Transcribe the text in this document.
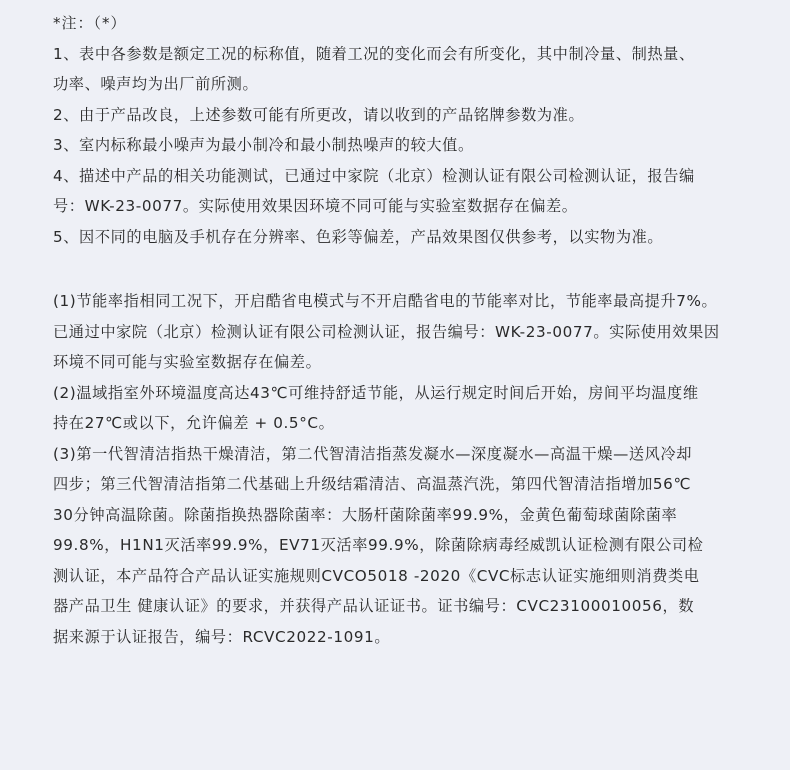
*注：（*）
1、表中各参数是额定工况的标称值，随着工况的变化而会有所变化，其中制冷量、制热量、
功率、噪声均为出厂前所测。
2、由于产品改良，上述参数可能有所更改，请以收到的产品铭牌参数为准。
3、室内标称最小噪声为最小制冷和最小制热噪声的较大值。
4、描述中产品的相关功能测试，已通过中家院（北京）检测认证有限公司检测认证，报告编
号：WK-23-0077。实际使用效果因环境不同可能与实验室数据存在偏差。
5、因不同的电脑及手机存在分辨率、色彩等偏差，产品效果图仅供参考，以实物为准。
(1)节能率指相同工况下，开启酷省电模式与不开启酷省电的节能率对比，节能率最高提升7%。
已通过中家院（北京）检测认证有限公司检测认证，报告编号：WK-23-0077。实际使用效果因
环境不同可能与实验室数据存在偏差。
(2)温域指室外环境温度高达43℃可维持舒适节能，从运行规定时间后开始，房间平均温度维
持在27℃或以下，允许偏差 + 0.5°C。
(3)第一代智清洁指热干燥清洁，第二代智清洁指蒸发凝水—深度凝水—高温干燥—送风冷却
四步；第三代智清洁指第二代基础上升级结霜清洁、高温蒸汽洗，第四代智清洁指增加56℃
30分钟高温除菌。除菌指换热器除菌率：大肠杆菌除菌率99.9%，金黄色葡萄球菌除菌率
99.8%，H1N1灭活率99.9%，EV71灭活率99.9%，除菌除病毒经威凯认证检测有限公司检
测认证，本产品符合产品认证实施规则CVCO5018 -2020《CVC标志认证实施细则消费类电
器产品卫生 健康认证》的要求，并获得产品认证证书。证书编号：CVC23100010056，数
据来源于认证报告，编号：RCVC2022-1091。
